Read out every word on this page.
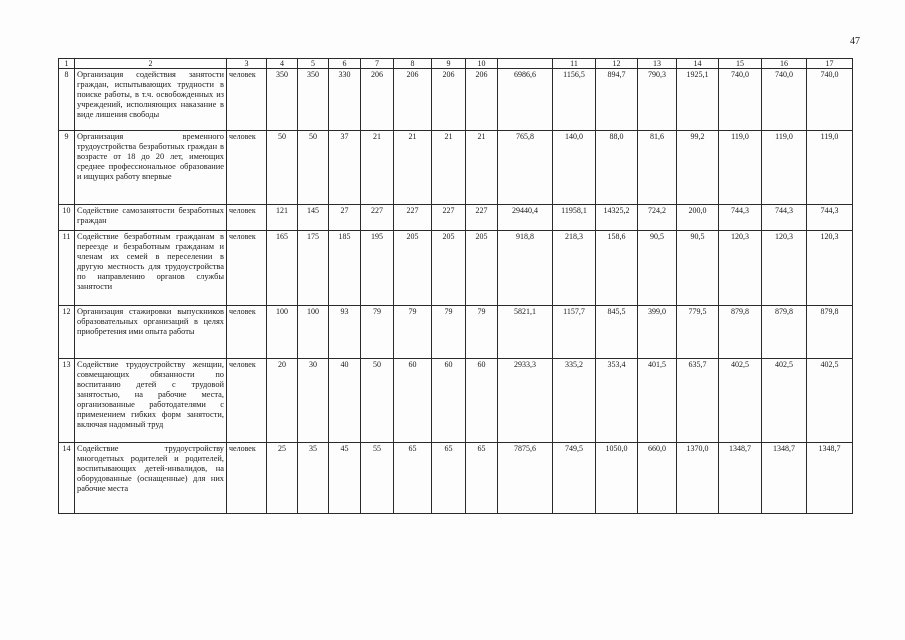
47
1	2	3	4	5	6	7	8	9	10		11	12	13	14	15	16	17
8	Организация содействия занятости граждан, испытывающих трудности в поиске работы, в т.ч. освобожденных из учреждений, исполняющих наказание в виде лишения свободы	человек	350	350	330	206	206	206	206	6986,6	1156,5	894,7	790,3	1925,1	740,0	740,0	740,0
9	Организация временного трудоустройства безработных граждан в возрасте от 18 до 20 лет, имеющих среднее профессиональное образование и ищущих работу впервые	человек	50	50	37	21	21	21	21	765,8	140,0	88,0	81,6	99,2	119,0	119,0	119,0
10	Содействие самозанятости безработных граждан	человек	121	145	27	227	227	227	227	29440,4	11958,1	14325,2	724,2	200,0	744,3	744,3	744,3
11	Содействие безработным гражданам в переезде и безработным гражданам и членам их семей в переселении в другую местность для трудоустройства по направлению органов службы занятости	человек	165	175	185	195	205	205	205	918,8	218,3	158,6	90,5	90,5	120,3	120,3	120,3
12	Организация стажировки выпускников образовательных организаций в целях приобретения ими опыта работы	человек	100	100	93	79	79	79	79	5821,1	1157,7	845,5	399,0	779,5	879,8	879,8	879,8
13	Содействие трудоустройству женщин, совмещающих обязанности по воспитанию детей с трудовой занятостью, на рабочие места, организованные работодателями с применением гибких форм занятости, включая надомный труд	человек	20	30	40	50	60	60	60	2933,3	335,2	353,4	401,5	635,7	402,5	402,5	402,5
14	Содействие трудоустройству многодетных родителей и родителей, воспитывающих детей-инвалидов, на оборудованные (оснащенные) для них рабочие места	человек	25	35	45	55	65	65	65	7875,6	749,5	1050,0	660,0	1370,0	1348,7	1348,7	1348,7
